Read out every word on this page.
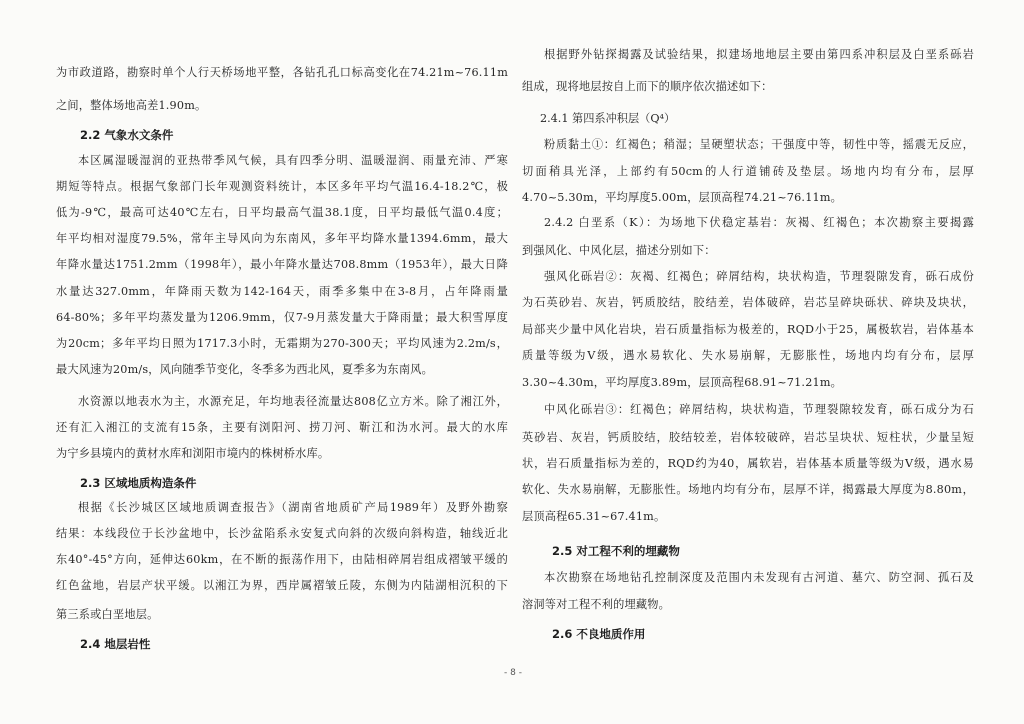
为市政道路，勘察时单个人行天桥场地平整，各钻孔孔口标高变化在74.21m~76.11m
之间，整体场地高差1.90m。
2.2 气象水文条件
本区属湿暖湿润的亚热带季风气候，具有四季分明、温暖湿润、雨量充沛、严寒
期短等特点。根据气象部门长年观测资料统计，本区多年平均气温16.4-18.2℃，极
低为-9℃，最高可达40℃左右，日平均最高气温38.1度，日平均最低气温0.4度；
年平均相对湿度79.5%，常年主导风向为东南风，多年平均降水量1394.6mm，最大
年降水量达1751.2mm（1998年），最小年降水量达708.8mm（1953年），最大日降
水量达327.0mm，年降雨天数为142-164天，雨季多集中在3-8月，占年降雨量
64-80%；多年平均蒸发量为1206.9mm，仅7-9月蒸发量大于降雨量；最大积雪厚度
为20cm；多年平均日照为1717.3小时，无霜期为270-300天；平均风速为2.2m/s，
最大风速为20m/s，风向随季节变化，冬季多为西北风，夏季多为东南风。
水资源以地表水为主，水源充足，年均地表径流量达808亿立方米。除了湘江外，
还有汇入湘江的支流有15条，主要有浏阳河、捞刀河、靳江和沩水河。最大的水库
为宁乡县境内的黄材水库和浏阳市境内的株树桥水库。
2.3 区域地质构造条件
根据《长沙城区区域地质调查报告》（湖南省地质矿产局1989年）及野外勘察
结果：本线段位于长沙盆地中，长沙盆陷系永安复式向斜的次级向斜构造，轴线近北
东40°-45°方向，延伸达60km，在不断的振荡作用下，由陆相碎屑岩组成褶皱平缓的
红色盆地，岩层产状平缓。以湘江为界，西岸属褶皱丘陵，东侧为内陆湖相沉积的下
第三系或白垩地层。
2.4 地层岩性
根据野外钻探揭露及试验结果，拟建场地地层主要由第四系冲积层及白垩系砾岩
组成，现将地层按自上而下的顺序依次描述如下：
2.4.1 第四系冲积层（Q⁴）
粉质黏土①：红褐色；稍湿；呈硬塑状态；干强度中等，韧性中等，摇震无反应，
切面稍具光泽，上部约有50cm的人行道铺砖及垫层。场地内均有分布，层厚
4.70~5.30m，平均厚度5.00m，层顶高程74.21~76.11m。
2.4.2 白垩系（K）：为场地下伏稳定基岩：灰褐、红褐色；本次勘察主要揭露
到强风化、中风化层，描述分别如下：
强风化砾岩②：灰褐、红褐色；碎屑结构，块状构造，节理裂隙发育，砾石成份
为石英砂岩、灰岩，钙质胶结，胶结差，岩体破碎，岩芯呈碎块砾状、碎块及块状，
局部夹少量中风化岩块，岩石质量指标为极差的，RQD小于25，属极软岩，岩体基本
质量等级为Ⅴ级，遇水易软化、失水易崩解，无膨胀性，场地内均有分布，层厚
3.30~4.30m，平均厚度3.89m，层顶高程68.91~71.21m。
中风化砾岩③：红褐色；碎屑结构，块状构造，节理裂隙较发育，砾石成分为石
英砂岩、灰岩，钙质胶结，胶结较差，岩体较破碎，岩芯呈块状、短柱状，少量呈短
状，岩石质量指标为差的，RQD约为40，属软岩，岩体基本质量等级为Ⅴ级，遇水易
软化、失水易崩解，无膨胀性。场地内均有分布，层厚不详，揭露最大厚度为8.80m，
层顶高程65.31~67.41m。
2.5 对工程不利的埋藏物
本次勘察在场地钻孔控制深度及范围内未发现有古河道、墓穴、防空洞、孤石及
溶洞等对工程不利的埋藏物。
2.6 不良地质作用
- 8 -
